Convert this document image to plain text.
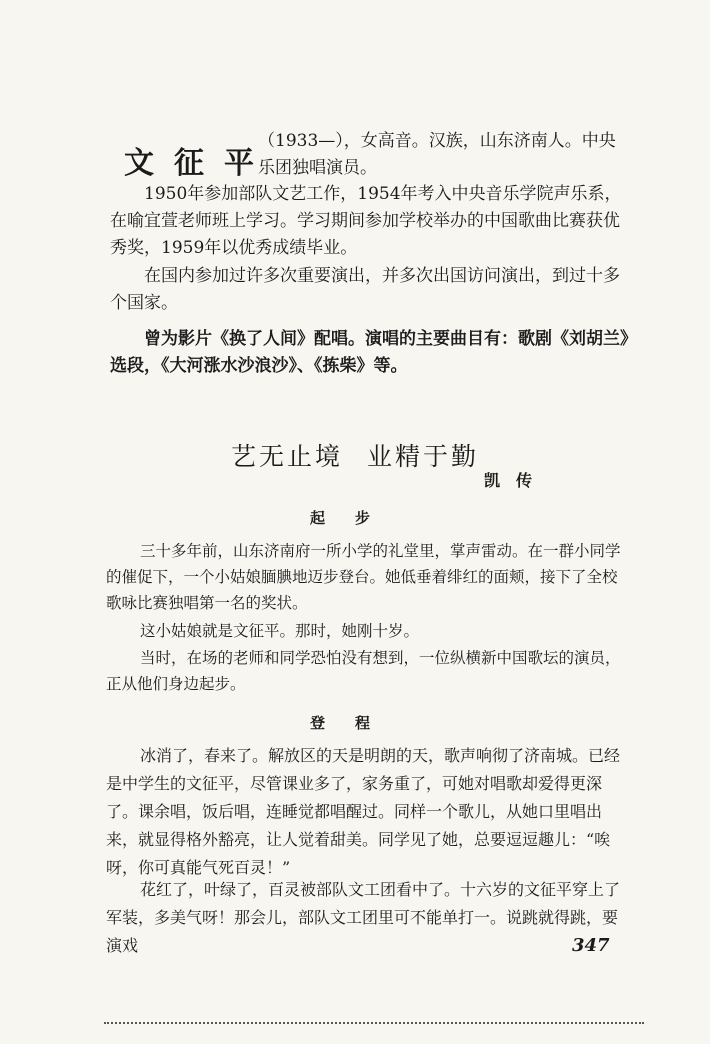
文征平

（1933—），女高音。汉族，山东济南人。中央乐团独唱演员。

1950年参加部队文艺工作，1954年考入中央音乐学院声乐系，在喻宜萱老师班上学习。学习期间参加学校举办的中国歌曲比赛获优秀奖，1959年以优秀成绩毕业。

在国内参加过许多次重要演出，并多次出国访问演出，到过十多个国家。

曾为影片《换了人间》配唱。演唱的主要曲目有：歌剧《刘胡兰》选段，《大河涨水沙浪沙》、《拣柴》等。

艺无止境 业精于勤
凯传
起步

三十多年前，山东济南府一所小学的礼堂里，掌声雷动。在一群小同学的催促下，一个小姑娘腼腆地迈步登台。她低垂着绯红的面颊，接下了全校歌咏比赛独唱第一名的奖状。

这小姑娘就是文征平。那时，她刚十岁。

当时，在场的老师和同学恐怕没有想到，一位纵横新中国歌坛的演员，正从他们身边起步。

登程

冰消了，春来了。解放区的天是明朗的天，歌声响彻了济南城。已经是中学生的文征平，尽管课业多了，家务重了，可她对唱歌却爱得更深了。课余唱，饭后唱，连睡觉都唱醒过。同样一个歌儿，从她口里唱出来，就显得格外豁亮，让人觉着甜美。同学见了她，总要逗逗趣儿：“唉呀，你可真能气死百灵！”

花红了，叶绿了，百灵被部队文工团看中了。十六岁的文征平穿上了军装，多美气呀！那会儿，部队文工团里可不能单打一。说跳就得跳，要演戏	347
